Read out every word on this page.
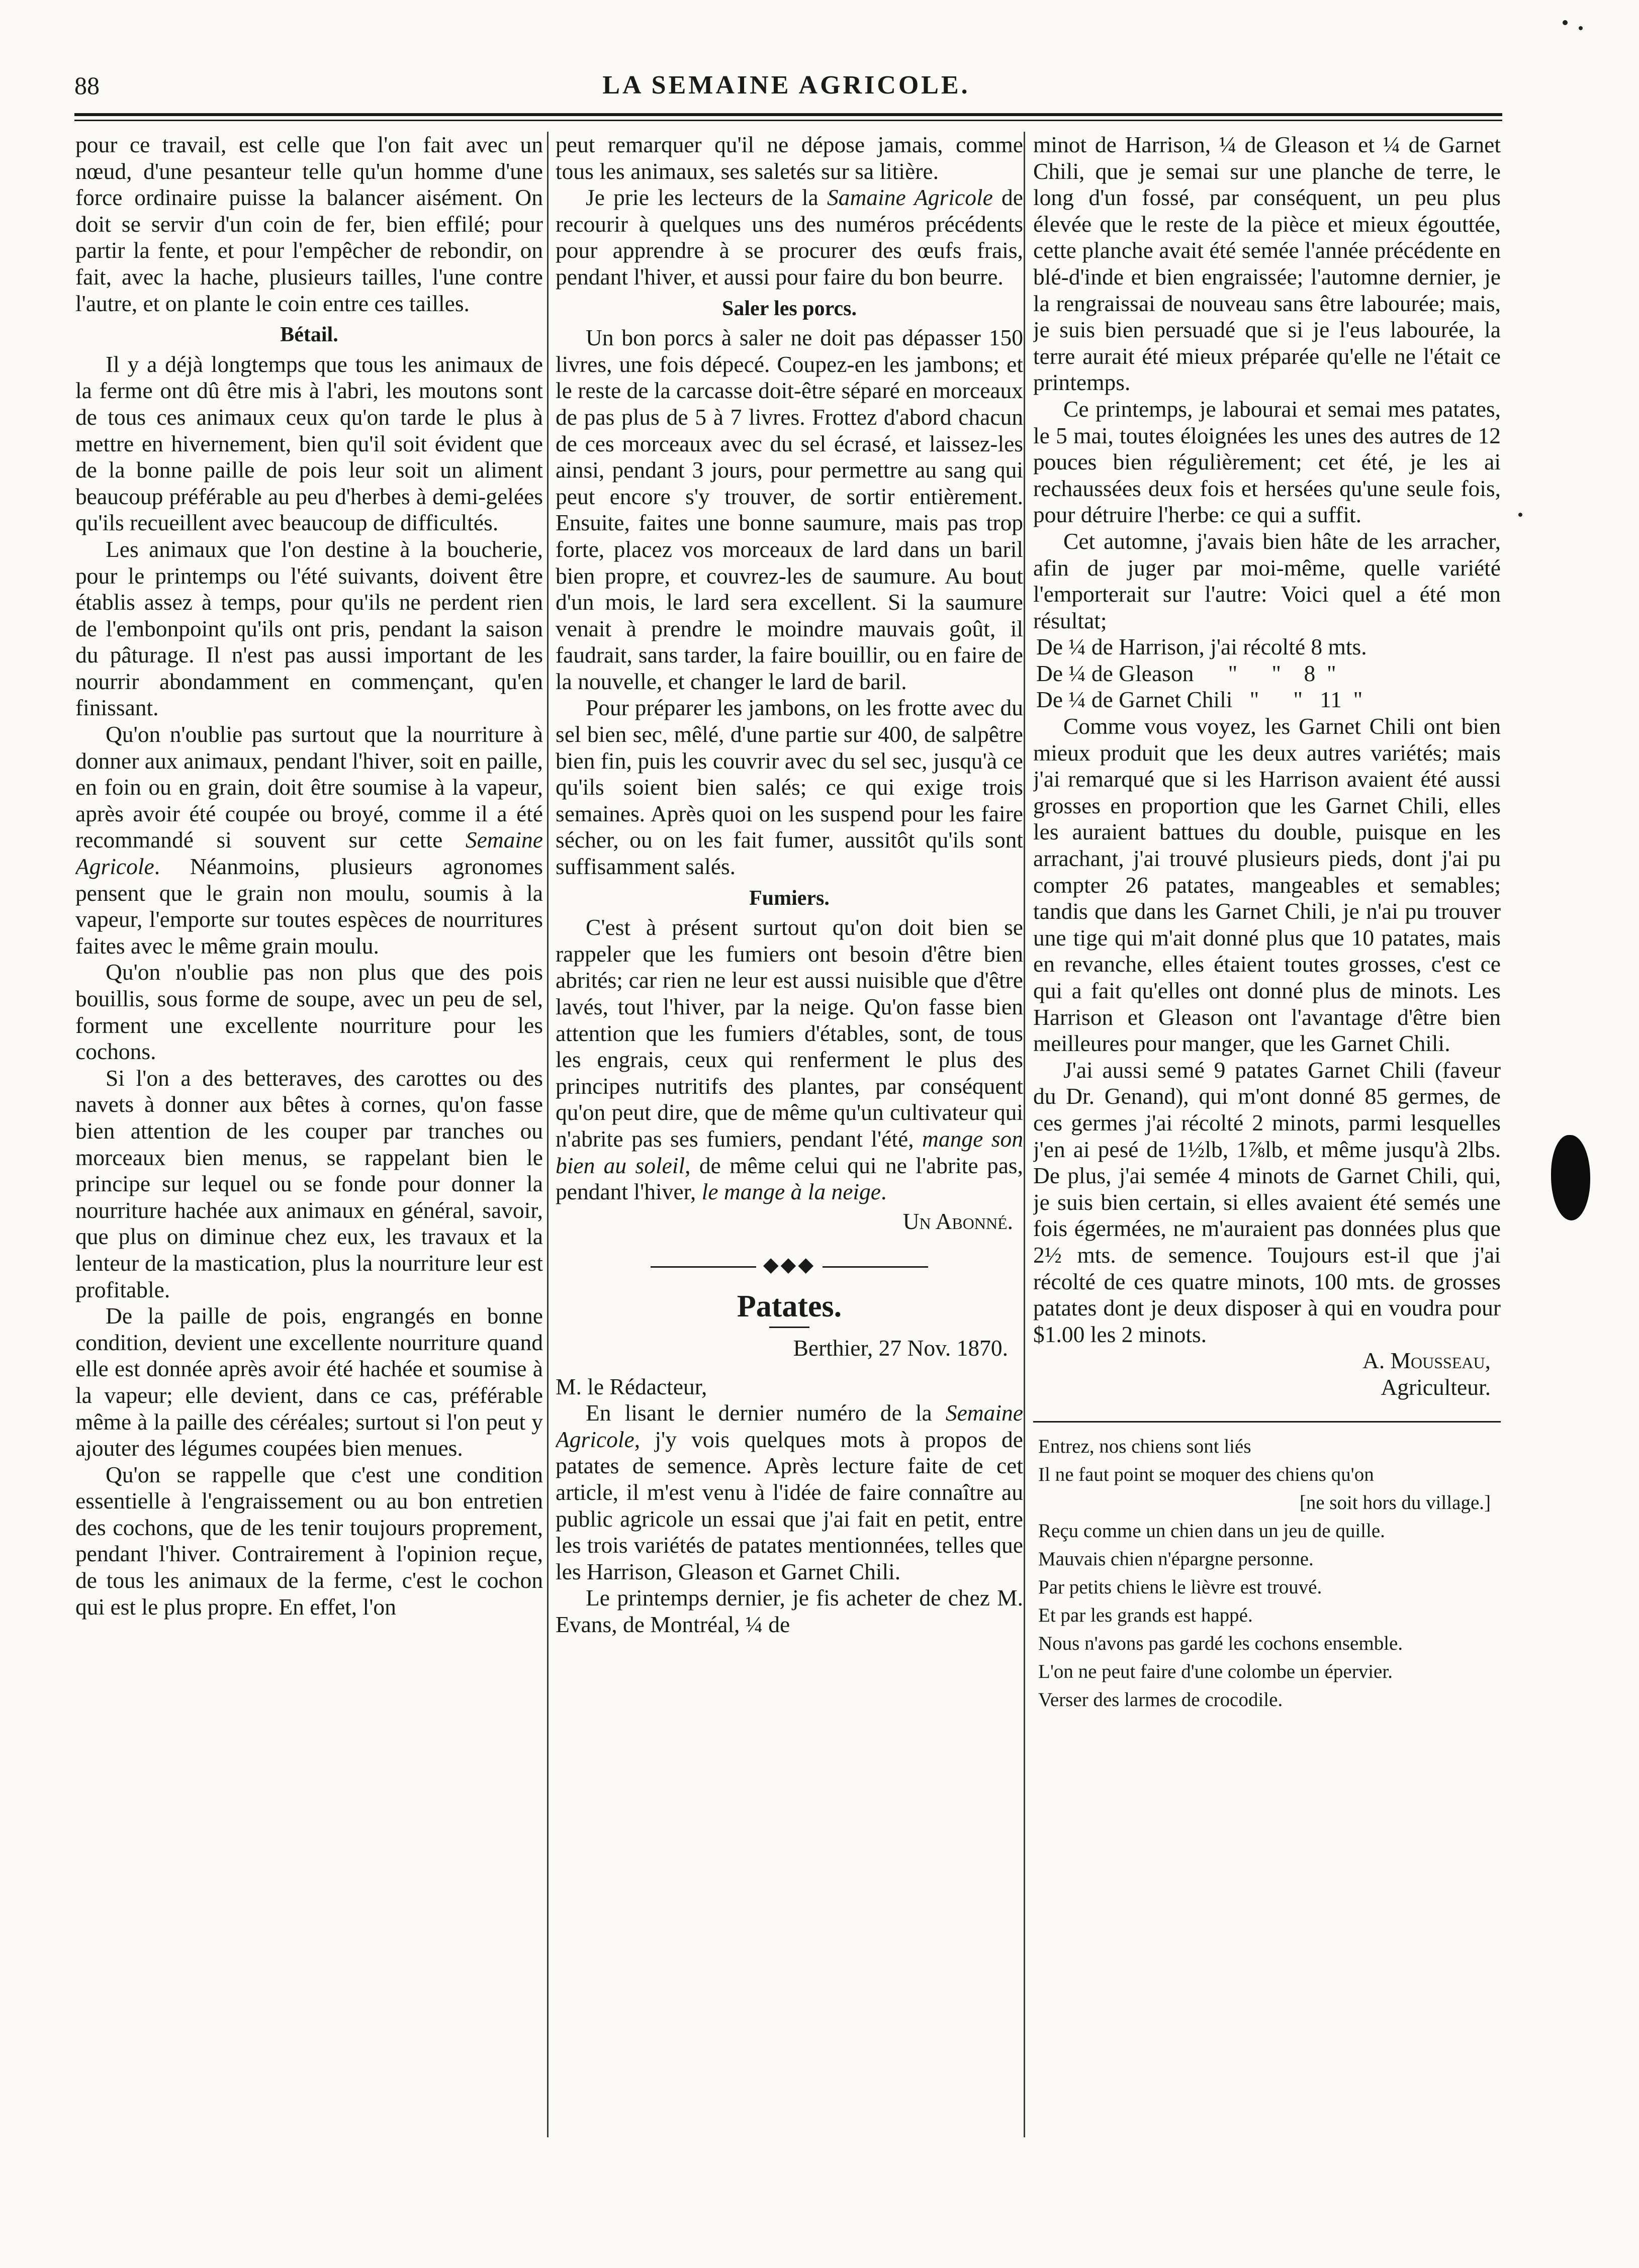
88	LA SEMAINE AGRICOLE.

pour ce travail, est celle que l'on fait avec un nœud, d'une pesanteur telle qu'un homme d'une force ordinaire puisse la balancer aisément. On doit se servir d'un coin de fer, bien effilé; pour partir la fente, et pour l'empêcher de rebondir, on fait, avec la hache, plusieurs tailles, l'une contre l'autre, et on plante le coin entre ces tailles.

Bétail.

Il y a déjà longtemps que tous les animaux de la ferme ont dû être mis à l'abri, les moutons sont de tous ces animaux ceux qu'on tarde le plus à mettre en hivernement, bien qu'il soit évident que de la bonne paille de pois leur soit un aliment beaucoup préférable au peu d'herbes à demi-gelées qu'ils recueillent avec beaucoup de difficultés.

Les animaux que l'on destine à la boucherie, pour le printemps ou l'été suivants, doivent être établis assez à temps, pour qu'ils ne perdent rien de l'embonpoint qu'ils ont pris, pendant la saison du pâturage. Il n'est pas aussi important de les nourrir abondamment en commençant, qu'en finissant.

Qu'on n'oublie pas surtout que la nourriture à donner aux animaux, pendant l'hiver, soit en paille, en foin ou en grain, doit être soumise à la vapeur, après avoir été coupée ou broyé, comme il a été recommandé si souvent sur cette Semaine Agricole. Néanmoins, plusieurs agronomes pensent que le grain non moulu, soumis à la vapeur, l'emporte sur toutes espèces de nourritures faites avec le même grain moulu.

Qu'on n'oublie pas non plus que des pois bouillis, sous forme de soupe, avec un peu de sel, forment une excellente nourriture pour les cochons.

Si l'on a des betteraves, des carottes ou des navets à donner aux bêtes à cornes, qu'on fasse bien attention de les couper par tranches ou morceaux bien menus, se rappelant bien le principe sur lequel ou se fonde pour donner la nourriture hachée aux animaux en général, savoir, que plus on diminue chez eux, les travaux et la lenteur de la mastication, plus la nourriture leur est profitable.

De la paille de pois, engrangés en bonne condition, devient une excellente nourriture quand elle est donnée après avoir été hachée et soumise à la vapeur; elle devient, dans ce cas, préférable même à la paille des céréales; surtout si l'on peut y ajouter des légumes coupées bien menues.

Qu'on se rappelle que c'est une condition essentielle à l'engraissement ou au bon entretien des cochons, que de les tenir toujours proprement, pendant l'hiver. Contrairement à l'opinion reçue, de tous les animaux de la ferme, c'est le cochon qui est le plus propre. En effet, l'on

peut remarquer qu'il ne dépose jamais, comme tous les animaux, ses saletés sur sa litière.

Je prie les lecteurs de la Samaine Agricole de recourir à quelques uns des numéros précédents pour apprendre à se procurer des œufs frais, pendant l'hiver, et aussi pour faire du bon beurre.

Saler les porcs.

Un bon porcs à saler ne doit pas dépasser 150 livres, une fois dépecé. Coupez-en les jambons; et le reste de la carcasse doit-être séparé en morceaux de pas plus de 5 à 7 livres. Frottez d'abord chacun de ces morceaux avec du sel écrasé, et laissez-les ainsi, pendant 3 jours, pour permettre au sang qui peut encore s'y trouver, de sortir entièrement. Ensuite, faites une bonne saumure, mais pas trop forte, placez vos morceaux de lard dans un baril bien propre, et couvrez-les de saumure. Au bout d'un mois, le lard sera excellent. Si la saumure venait à prendre le moindre mauvais goût, il faudrait, sans tarder, la faire bouillir, ou en faire de la nouvelle, et changer le lard de baril.

Pour préparer les jambons, on les frotte avec du sel bien sec, mêlé, d'une partie sur 400, de salpêtre bien fin, puis les couvrir avec du sel sec, jusqu'à ce qu'ils soient bien salés; ce qui exige trois semaines. Après quoi on les suspend pour les faire sécher, ou on les fait fumer, aussitôt qu'ils sont suffisamment salés.

Fumiers.

C'est à présent surtout qu'on doit bien se rappeler que les fumiers ont besoin d'être bien abrités; car rien ne leur est aussi nuisible que d'être lavés, tout l'hiver, par la neige. Qu'on fasse bien attention que les fumiers d'étables, sont, de tous les engrais, ceux qui renferment le plus des principes nutritifs des plantes, par conséquent qu'on peut dire, que de même qu'un cultivateur qui n'abrite pas ses fumiers, pendant l'été, mange son bien au soleil, de même celui qui ne l'abrite pas, pendant l'hiver, le mange à la neige.

Un Abonné.
◆◆◆
Patates.
Berthier, 27 Nov. 1870.

M. le Rédacteur,

En lisant le dernier numéro de la Semaine Agricole, j'y vois quelques mots à propos de patates de semence. Après lecture faite de cet article, il m'est venu à l'idée de faire connaître au public agricole un essai que j'ai fait en petit, entre les trois variétés de patates mentionnées, telles que les Harrison, Gleason et Garnet Chili.

Le printemps dernier, je fis acheter de chez M. Evans, de Montréal, ¼ de

minot de Harrison, ¼ de Gleason et ¼ de Garnet Chili, que je semai sur une planche de terre, le long d'un fossé, par conséquent, un peu plus élevée que le reste de la pièce et mieux égouttée, cette planche avait été semée l'année précédente en blé-d'inde et bien engraissée; l'automne dernier, je la rengraissai de nouveau sans être labourée; mais, je suis bien persuadé que si je l'eus labourée, la terre aurait été mieux préparée qu'elle ne l'était ce printemps.

Ce printemps, je labourai et semai mes patates, le 5 mai, toutes éloignées les unes des autres de 12 pouces bien régulièrement; cet été, je les ai rechaussées deux fois et hersées qu'une seule fois, pour détruire l'herbe: ce qui a suffit.

Cet automne, j'avais bien hâte de les arracher, afin de juger par moi-même, quelle variété l'emporterait sur l'autre: Voici quel a été mon résultat;

De ¼ de Harrison, j'ai récolté 8 mts.
De ¼ de Gleason      "      "    8  "
De ¼ de Garnet Chili   "      "   11  "

Comme vous voyez, les Garnet Chili ont bien mieux produit que les deux autres variétés; mais j'ai remarqué que si les Harrison avaient été aussi grosses en proportion que les Garnet Chili, elles les auraient battues du double, puisque en les arrachant, j'ai trouvé plusieurs pieds, dont j'ai pu compter 26 patates, mangeables et semables; tandis que dans les Garnet Chili, je n'ai pu trouver une tige qui m'ait donné plus que 10 patates, mais en revanche, elles étaient toutes grosses, c'est ce qui a fait qu'elles ont donné plus de minots. Les Harrison et Gleason ont l'avantage d'être bien meilleures pour manger, que les Garnet Chili.

J'ai aussi semé 9 patates Garnet Chili (faveur du Dr. Genand), qui m'ont donné 85 germes, de ces germes j'ai récolté 2 minots, parmi lesquelles j'en ai pesé de 1½lb, 1⅞lb, et même jusqu'à 2lbs. De plus, j'ai semée 4 minots de Garnet Chili, qui, je suis bien certain, si elles avaient été semés une fois égermées, ne m'auraient pas données plus que 2½ mts. de semence. Toujours est-il que j'ai récolté de ces quatre minots, 100 mts. de grosses patates dont je deux disposer à qui en voudra pour $1.00 les 2 minots.

A. Mousseau,
Agriculteur.
Entrez, nos chiens sont liés
Il ne faut point se moquer des chiens qu'on
[ne soit hors du village.]
Reçu comme un chien dans un jeu de quille.
Mauvais chien n'épargne personne.
Par petits chiens le lièvre est trouvé.
Et par les grands est happé.
Nous n'avons pas gardé les cochons ensemble.
L'on ne peut faire d'une colombe un épervier.
Verser des larmes de crocodile.
